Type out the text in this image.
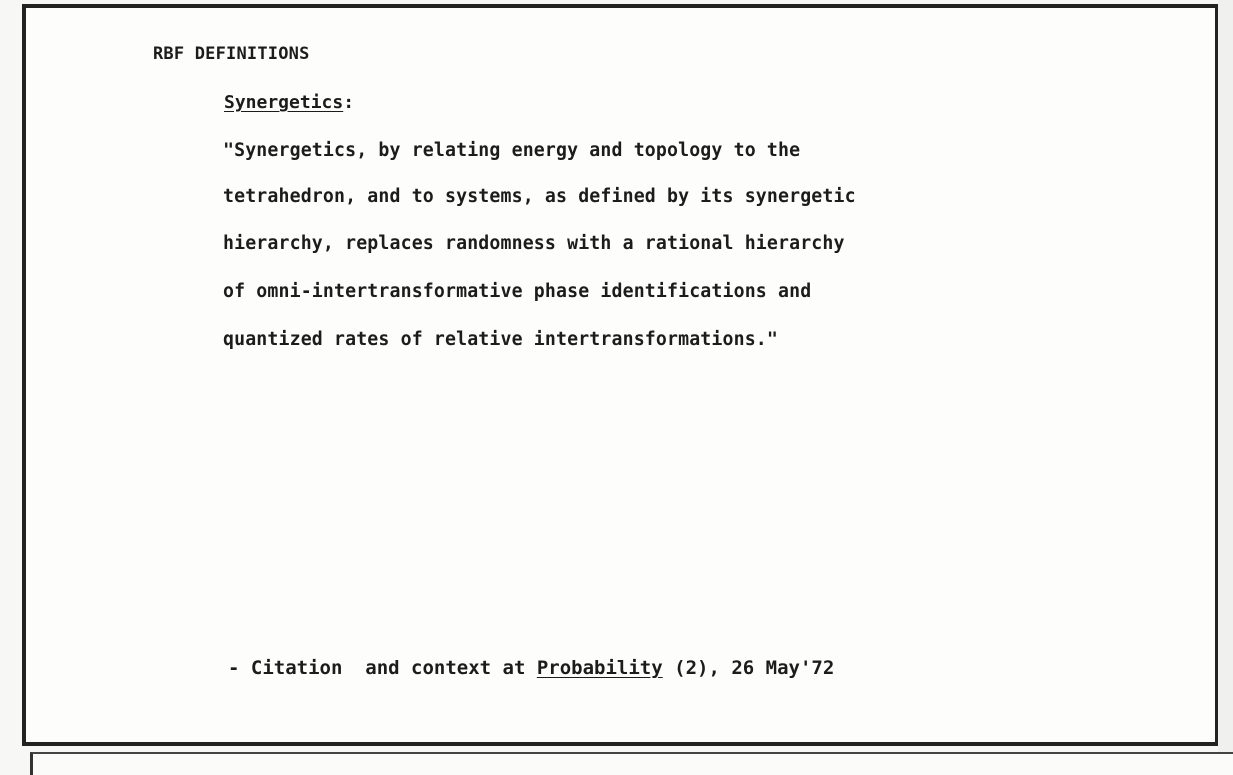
RBF DEFINITIONS
Synergetics:
"Synergetics, by relating energy and topology to the
tetrahedron, and to systems, as defined by its synergetic
hierarchy, replaces randomness with a rational hierarchy
of omni-intertransformative phase identifications and
quantized rates of relative intertransformations."
- Citation  and context at Probability (2), 26 May'72
